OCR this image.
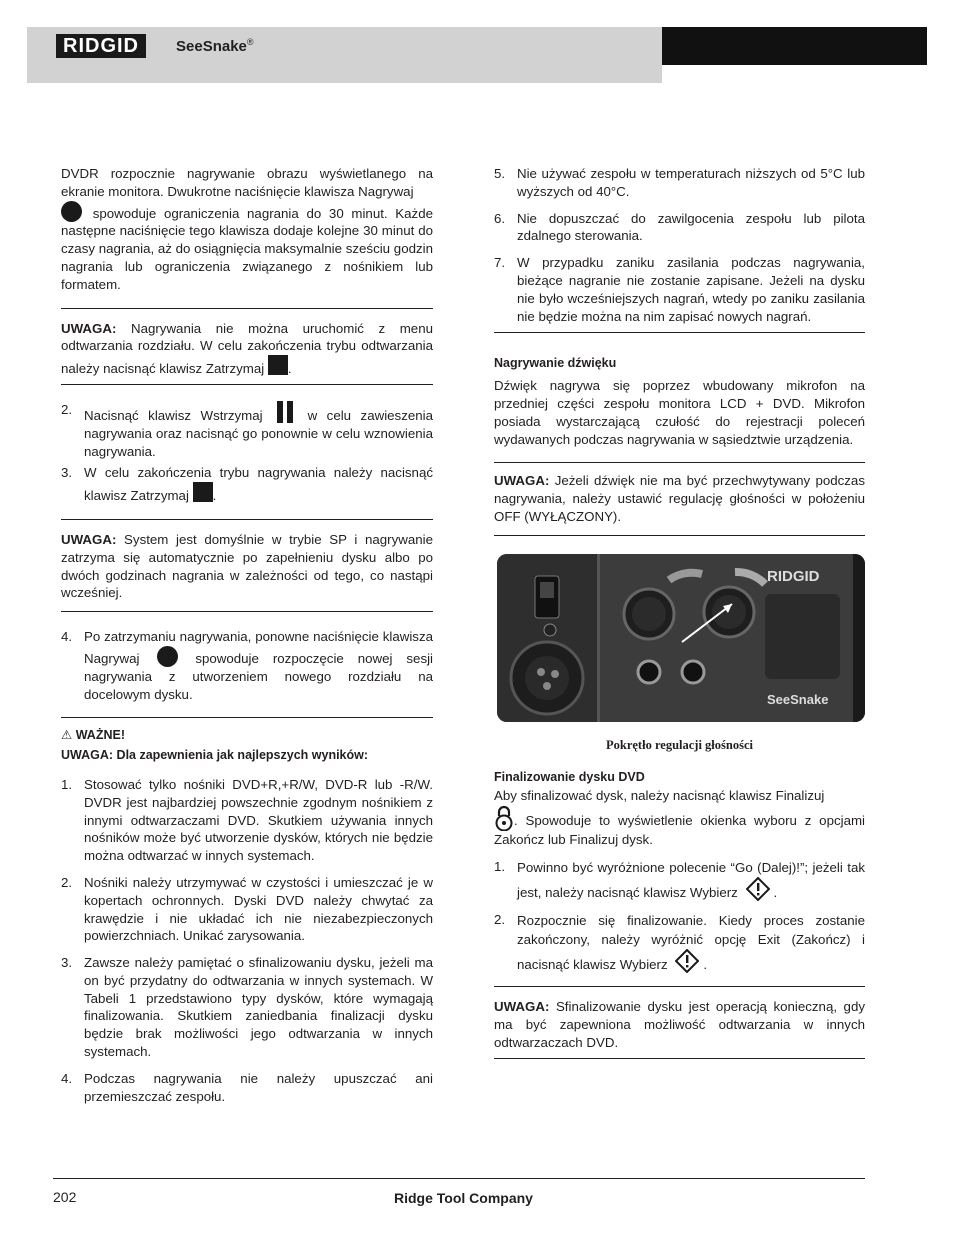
RIDGID	SeeSnake®

DVDR rozpocznie nagrywanie obrazu wyświetlanego na ekranie monitora. Dwukrotne naciśnięcie klawisza Nagrywaj
spowoduje ograniczenia nagrania do 30 minut. Każde następne naciśnięcie tego klawisza dodaje kolejne 30 minut do czasy nagrania, aż do osiągnięcia maksymalnie sześciu godzin nagrania lub ograniczenia związanego z nośnikiem lub formatem.

UWAGA: Nagrywania nie można uruchomić z menu odtwarzania rozdziału. W celu zakończenia trybu odtwarzania należy nacisnąć klawisz Zatrzymaj .

2. Nacisnąć klawisz Wstrzymaj	w celu zawieszenia nagrywania oraz nacisnąć go ponownie w celu wznowienia nagrywania.
3. W celu zakończenia trybu nagrywania należy nacisnąć klawisz Zatrzymaj .

UWAGA: System jest domyślnie w trybie SP i nagrywanie zatrzyma się automatycznie po zapełnieniu dysku albo po dwóch godzinach nagrania w zależności od tego, co nastąpi wcześniej.

4. Po zatrzymaniu nagrywania, ponowne naciśnięcie klawisza Nagrywaj	spowoduje rozpoczęcie nowej sesji nagrywania z utworzeniem nowego rozdziału na docelowym dysku.
⚠ WAŻNE!
UWAGA: Dla zapewnienia jak najlepszych wyników:
1. Stosować tylko nośniki DVD+R,+R/W, DVD-R lub -R/W. DVDR jest najbardziej powszechnie zgodnym nośnikiem z innymi odtwarzaczami DVD. Skutkiem używania innych nośników może być utworzenie dysków, których nie będzie można odtwarzać w innych systemach.
2. Nośniki należy utrzymywać w czystości i umieszczać je w kopertach ochronnych. Dyski DVD należy chwytać za krawędzie i nie układać ich nie niezabezpieczonych powierzchniach. Unikać zarysowania.
3. Zawsze należy pamiętać o sfinalizowaniu dysku, jeżeli ma on być przydatny do odtwarzania w innych systemach. W Tabeli 1 przedstawiono typy dysków, które wymagają finalizowania. Skutkiem zaniedbania finalizacji dysku będzie brak możliwości jego odtwarzania w innych systemach.
4. Podczas nagrywania nie należy upuszczać ani przemieszczać zespołu.
5. Nie używać zespołu w temperaturach niższych od 5°C lub wyższych od 40°C.
6. Nie dopuszczać do zawilgocenia zespołu lub pilota zdalnego sterowania.
7. W przypadku zaniku zasilania podczas nagrywania, bieżące nagranie nie zostanie zapisane. Jeżeli na dysku nie było wcześniejszych nagrań, wtedy po zaniku zasilania nie będzie można na nim zapisać nowych nagrań.
Nagrywanie dźwięku

Dźwięk nagrywa się poprzez wbudowany mikrofon na przedniej części zespołu monitora LCD + DVD. Mikrofon posiada wystarczającą czułość do rejestracji poleceń wydawanych podczas nagrywania w sąsiedztwie urządzenia.

UWAGA: Jeżeli dźwięk nie ma być przechwytywany podczas nagrywania, należy ustawić regulację głośności w położeniu OFF (WYŁĄCZONY).

RIDGID
SeeSnake
Pokrętło regulacji głośności
Finalizowanie dysku DVD

Aby sfinalizować dysk, należy nacisnąć klawisz Finalizuj
. Spowoduje to wyświetlenie okienka wyboru z opcjami Zakończ lub Finalizuj dysk.

1. Powinno być wyróżnione polecenie “Go (Dalej)!”; jeżeli tak jest, należy nacisnąć klawisz Wybierz	.
2. Rozpocznie się finalizowanie. Kiedy proces zostanie zakończony, należy wyróżnić opcję Exit (Zakończ) i nacisnąć klawisz Wybierz	.

UWAGA: Sfinalizowanie dysku jest operacją konieczną, gdy ma być zapewniona możliwość odtwarzania w innych odtwarzaczach DVD.

202	Ridge Tool Company
